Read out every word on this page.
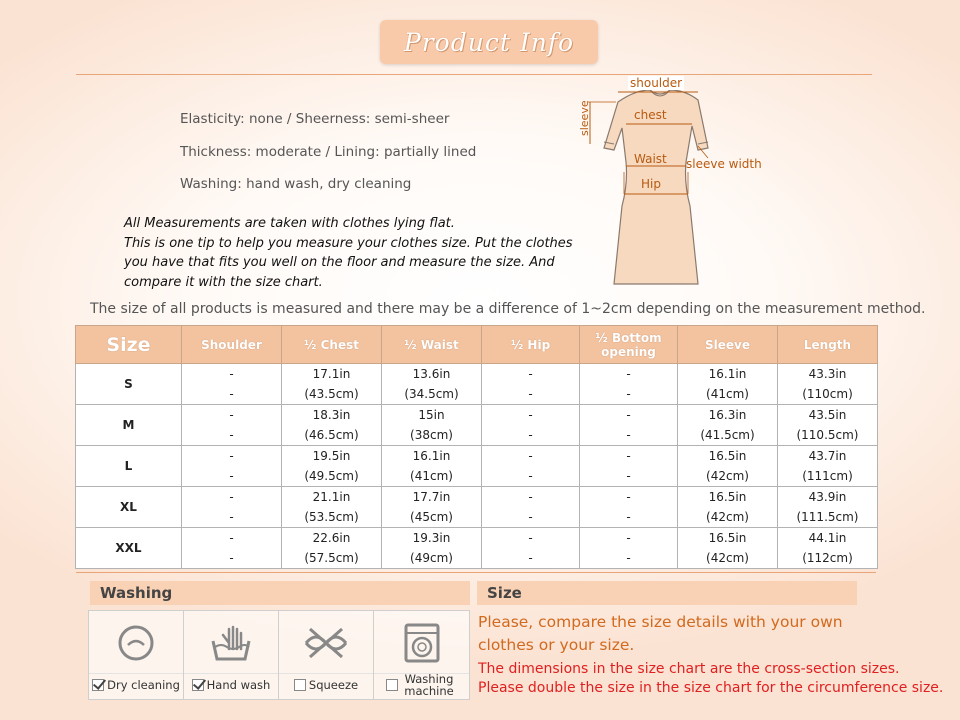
Product Info
Elasticity: none / Sheerness: semi-sheer
Thickness: moderate / Lining: partially lined
Washing: hand wash, dry cleaning
All Measurements are taken with clothes lying flat.
This is one tip to help you measure your clothes size. Put the clothes
you have that fits you well on the floor and measure the size. And
compare it with the size chart.
shoulder
sleeve	chest
Waist sleeve width
Hip
The size of all products is measured and there may be a difference of 1~2cm depending on the measurement method.
Size	Shoulder	½ Chest	½ Waist	½ Hip	½ Bottom opening	Sleeve	Length
S	-	17.1in	13.6in	-	-	16.1in	43.3in
	-	(43.5cm)	(34.5cm)	-	-	(41cm)	(110cm)
M	-	18.3in	15in	-	-	16.3in	43.5in
	-	(46.5cm)	(38cm)	-	-	(41.5cm)	(110.5cm)
L	-	19.5in	16.1in	-	-	16.5in	43.7in
	-	(49.5cm)	(41cm)	-	-	(42cm)	(111cm)
XL	-	21.1in	17.7in	-	-	16.5in	43.9in
	-	(53.5cm)	(45cm)	-	-	(42cm)	(111.5cm)
XXL	-	22.6in	19.3in	-	-	16.5in	44.1in
	-	(57.5cm)	(49cm)	-	-	(42cm)	(112cm)
Washing
Dry cleaning Hand wash	Squeeze	Washing machine
Size
Please, compare the size details with your own
clothes or your size.
The dimensions in the size chart are the cross-section sizes.
Please double the size in the size chart for the circumference size.
